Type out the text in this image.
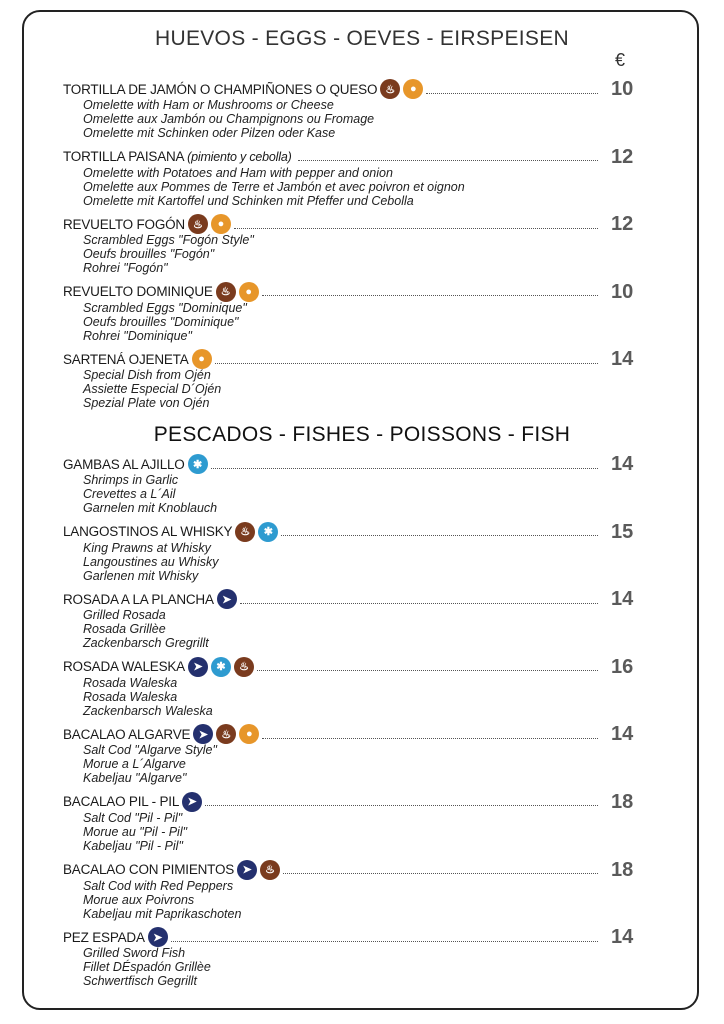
HUEVOS - EGGS - OEVES - EIRSPEISEN
€
TORTILLA DE JAMÓN O CHAMPIÑONES O QUESO ♨	●	10
Omelette with Ham or Mushrooms or Cheese
Omelette aux Jambón ou Champignons ou Fromage
Omelette mit Schinken oder Pilzen oder Kase
TORTILLA PAISANA (pimiento y cebolla)	12
Omelette with Potatoes and Ham with pepper and onion
Omelette aux Pommes de Terre et Jambón et avec poivron et oignon
Omelette mit Kartoffel und Schinken mit Pfeffer und Cebolla
REVUELTO FOGÓN ♨	●	12
Scrambled Eggs "Fogón Style"
Oeufs brouilles "Fogón"
Rohrei "Fogón"
REVUELTO DOMINIQUE ♨	●	10
Scrambled Eggs "Dominique"
Oeufs brouilles "Dominique"
Rohrei "Dominique"
SARTENÁ OJENETA ●	14
Special Dish from Ojén
Assiette Especial D´Ojén
Spezial Plate von Ojén
PESCADOS - FISHES - POISSONS - FISH
GAMBAS AL AJILLO ✱	14
Shrimps in Garlic
Crevettes a L´Ail
Garnelen mit Knoblauch
LANGOSTINOS AL WHISKY ♨	✱	15
King Prawns at Whisky
Langoustines au Whisky
Garlenen mit Whisky
ROSADA A LA PLANCHA ➤	14
Grilled Rosada
Rosada Grillèe
Zackenbarsch Gregrillt
ROSADA WALESKA ➤	✱	♨	16
Rosada Waleska
Rosada Waleska
Zackenbarsch Waleska
BACALAO ALGARVE ➤	♨	●	14
Salt Cod "Algarve Style"
Morue a L´Algarve
Kabeljau "Algarve"
BACALAO PIL - PIL ➤	18
Salt Cod "Pil - Pil"
Morue au "Pil - Pil"
Kabeljau "Pil - Pil"
BACALAO CON PIMIENTOS ➤	♨	18
Salt Cod with Red Peppers
Morue aux Poivrons
Kabeljau mit Paprikaschoten
PEZ ESPADA ➤	14
Grilled Sword Fish
Fillet DÉspadón Grillèe
Schwertfisch Gegrillt
